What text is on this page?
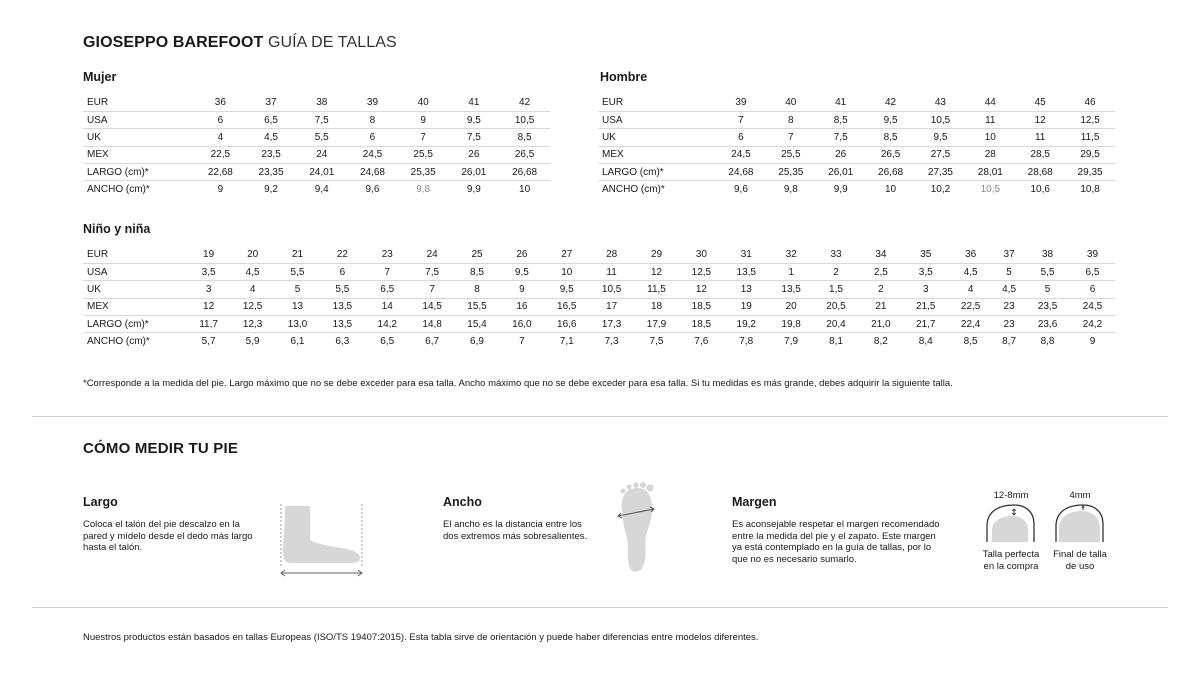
GIOSEPPO BAREFOOT GUÍA DE TALLAS
Mujer
EUR	36	37	38	39	40	41	42
USA	6	6,5	7,5	8	9	9,5	10,5
UK	4	4,5	5,5	6	7	7,5	8,5
MEX	22,5	23,5	24	24,5	25,5	26	26,5
LARGO (cm)*	22,68	23,35	24,01	24,68	25,35	26,01	26,68
ANCHO (cm)*	9	9,2	9,4	9,6	9,8	9,9	10
Hombre
EUR	39	40	41	42	43	44	45	46
USA	7	8	8,5	9,5	10,5	11	12	12,5
UK	6	7	7,5	8,5	9,5	10	11	11,5
MEX	24,5	25,5	26	26,5	27,5	28	28,5	29,5
LARGO (cm)*	24,68	25,35	26,01	26,68	27,35	28,01	28,68	29,35
ANCHO (cm)*	9,6	9,8	9,9	10	10,2	10,5	10,6	10,8
Niño y niña
EUR	19	20	21	22	23	24	25	26	27	28	29	30	31	32	33	34	35	36	37	38	39
USA	3,5	4,5	5,5	6	7	7,5	8,5	9,5	10	11	12	12,5	13,5	1	2	2,5	3,5	4,5	5	5,5	6,5
UK	3	4	5	5,5	6,5	7	8	9	9,5	10,5	11,5	12	13	13,5	1,5	2	3	4	4,5	5	6
MEX	12	12,5	13	13,5	14	14,5	15,5	16	16,5	17	18	18,5	19	20	20,5	21	21,5	22,5	23	23,5	24,5
LARGO (cm)*	11,7	12,3	13,0	13,5	14,2	14,8	15,4	16,0	16,6	17,3	17,9	18,5	19,2	19,8	20,4	21,0	21,7	22,4	23	23,6	24,2
ANCHO (cm)*	5,7	5,9	6,1	6,3	6,5	6,7	6,9	7	7,1	7,3	7,5	7,6	7,8	7,9	8,1	8,2	8,4	8,5	8,7	8,8	9
*Corresponde a la medida del pie. Largo máximo que no se debe exceder para esa talla. Ancho máximo que no se debe exceder para esa talla. Si tu medidas es más grande, debes adquirir la siguiente talla.
CÓMO MEDIR TU PIE
Largo
Coloca el talón del pie descalzo en la
pared y mídelo desde el dedo más largo
hasta el talón.
Ancho
El ancho es la distancia entre los
dos extremos más sobresalientes.
Margen
Es aconsejable respetar el margen recomendado
entre la medida del pie y el zapato. Este margen
ya está contemplado en la guía de tallas, por lo
que no es necesario sumarlo.
12-8mm
Talla perfecta
en la compra
4mm
Final de talla
de uso
Nuestros productos están basados en tallas Europeas (ISO/TS 19407:2015). Esta tabla sirve de orientación y puede haber diferencias entre modelos diferentes.
